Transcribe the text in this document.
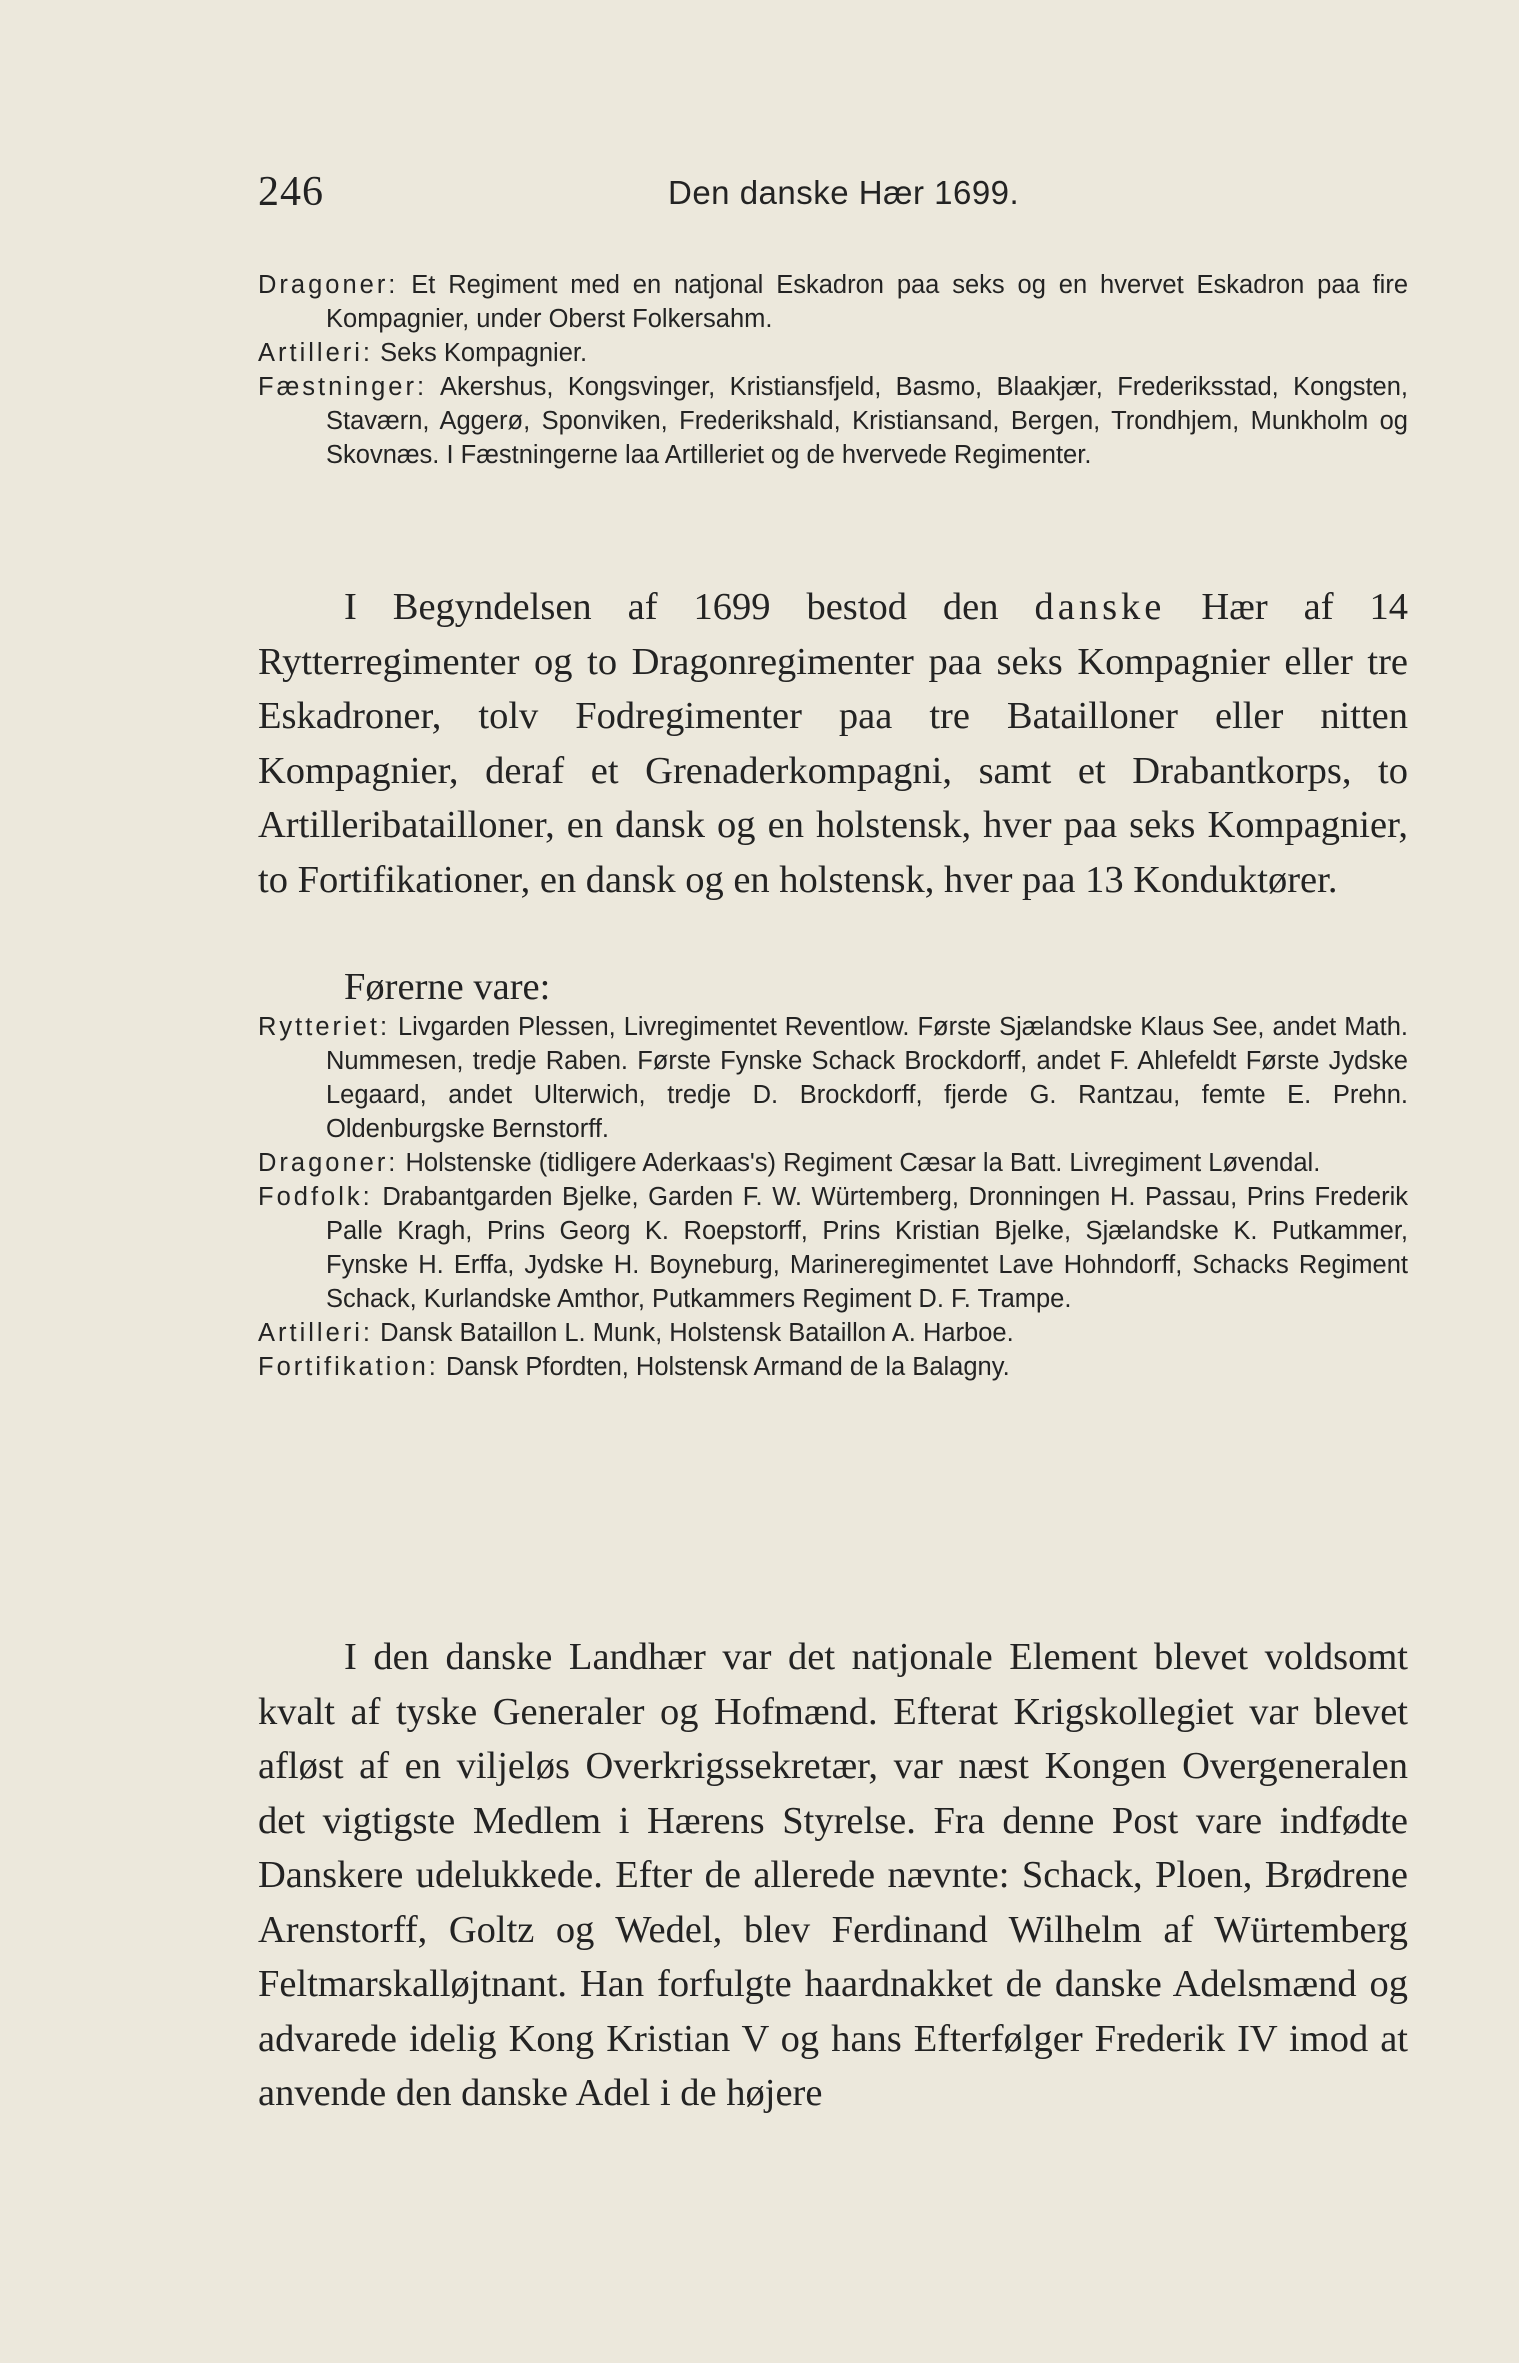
246	Den danske Hær 1699.

Dragoner: Et Regiment med en natjonal Eskadron paa seks og en hvervet Eskadron paa fire Kompagnier, under Oberst Folkersahm.

Artilleri: Seks Kompagnier.

Fæstninger: Akershus, Kongsvinger, Kristiansfjeld, Basmo, Blaakjær, Frederiksstad, Kongsten, Staværn, Aggerø, Sponviken, Frederikshald, Kristiansand, Bergen, Trondhjem, Munkholm og Skovnæs. I Fæstningerne laa Artilleriet og de hvervede Regimenter.

I Begyndelsen af 1699 bestod den danske Hær af 14 Rytterregimenter og to Dragonregimenter paa seks Kompagnier eller tre Eskadroner, tolv Fodregimenter paa tre Batailloner eller nitten Kompagnier, deraf et Grenaderkompagni, samt et Drabantkorps, to Artilleribatailloner, en dansk og en holstensk, hver paa seks Kompagnier, to Fortifikationer, en dansk og en holstensk, hver paa 13 Konduktører.

Førerne vare:

Rytteriet: Livgarden Plessen, Livregimentet Reventlow. Første Sjælandske Klaus See, andet Math. Nummesen, tredje Raben. Første Fynske Schack Brockdorff, andet F. Ahlefeldt Første Jydske Legaard, andet Ulterwich, tredje D. Brockdorff, fjerde G. Rantzau, femte E. Prehn. Oldenburgske Bernstorff.

Dragoner: Holstenske (tidligere Aderkaas's) Regiment Cæsar la Batt. Livregiment Løvendal.

Fodfolk: Drabantgarden Bjelke, Garden F. W. Würtemberg, Dronningen H. Passau, Prins Frederik Palle Kragh, Prins Georg K. Roepstorff, Prins Kristian Bjelke, Sjælandske K. Putkammer, Fynske H. Erffa, Jydske H. Boyneburg, Marineregimentet Lave Hohndorff, Schacks Regiment Schack, Kurlandske Amthor, Putkammers Regiment D. F. Trampe.

Artilleri: Dansk Bataillon L. Munk, Holstensk Bataillon A. Harboe.

Fortifikation: Dansk Pfordten, Holstensk Armand de la Balagny.

I den danske Landhær var det natjonale Element blevet voldsomt kvalt af tyske Generaler og Hofmænd. Efterat Krigskollegiet var blevet afløst af en viljeløs Overkrigssekretær, var næst Kongen Overgeneralen det vigtigste Medlem i Hærens Styrelse. Fra denne Post vare indfødte Danskere udelukkede. Efter de allerede nævnte: Schack, Ploen, Brødrene Arenstorff, Goltz og Wedel, blev Ferdinand Wilhelm af Würtemberg Feltmarskalløjtnant. Han forfulgte haardnakket de danske Adelsmænd og advarede idelig Kong Kristian V og hans Efterfølger Frederik IV imod at anvende den danske Adel i de højere
